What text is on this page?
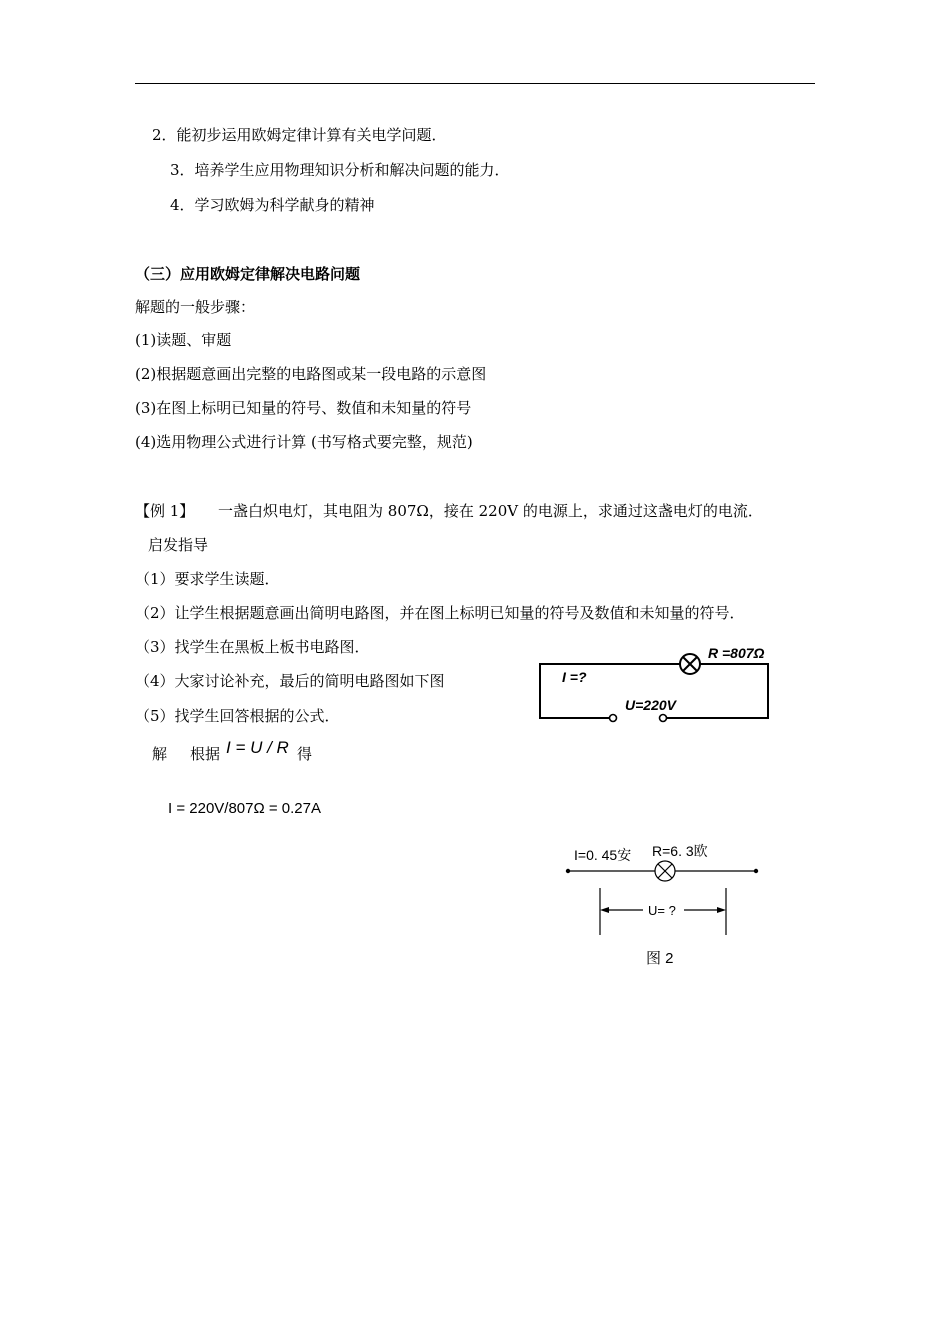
2．能初步运用欧姆定律计算有关电学问题．
3．培养学生应用物理知识分析和解决问题的能力．
4．学习欧姆为科学献身的精神
（三）应用欧姆定律解决电路问题
解题的一般步骤：
(1)读题、审题
(2)根据题意画出完整的电路图或某一段电路的示意图
(3)在图上标明已知量的符号、数值和未知量的符号
(4)选用物理公式进行计算 (书写格式要完整，规范)
【例 1】 一盏白炽电灯，其电阻为 807Ω，接在 220V 的电源上，求通过这盏电灯的电流．
启发指导
（1）要求学生读题．
（2）让学生根据题意画出简明电路图，并在图上标明已知量的符号及数值和未知量的符号．
（3）找学生在黑板上板书电路图．
（4）大家讨论补充，最后的简明电路图如下图
（5）找学生回答根据的公式．
解 根据 I = U / R 得
I = 220V/807Ω = 0.27A
R =807Ω
I =?
U=220V
I=0. 45安 R=6. 3欧
U= ?
图 2
